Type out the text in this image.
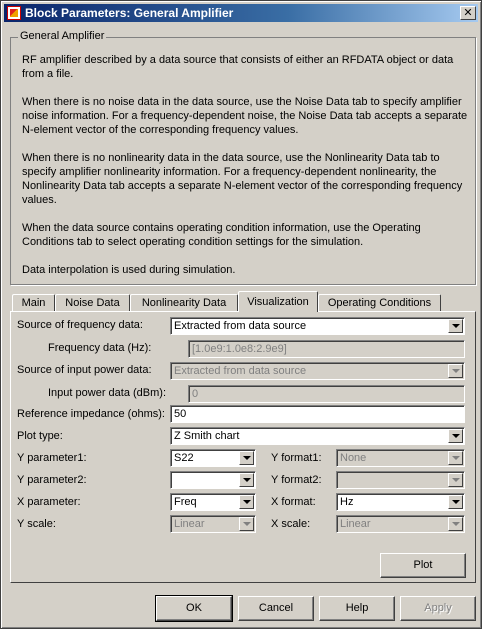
Block Parameters: General Amplifier	✕
General Amplifier

RF amplifier described by a data source that consists of either an RFDATA object or data from a file.

When there is no noise data in the data source, use the Noise Data tab to specify amplifier noise information. For a frequency-dependent noise, the Noise Data tab accepts a separate N-element vector of the corresponding frequency values.

When there is no nonlinearity data in the data source, use the Nonlinearity Data tab to specify amplifier nonlinearity information. For a frequency-dependent nonlinearity, the Nonlinearity Data tab accepts a separate N-element vector of the corresponding frequency values.

When the data source contains operating condition information, use the Operating Conditions tab to select operating condition settings for the simulation.

Data interpolation is used during simulation.

Main	Noise Data	Nonlinearity Data	Visualization	Operating Conditions
Source of frequency data:	Extracted from data source
Frequency data (Hz):	[1.0e9:1.0e8:2.9e9]
Source of input power data:	Extracted from data source
Input power data (dBm):	0
Reference impedance (ohms): 50
Plot type:	Z Smith chart
Y parameter1:	S22	Y format1:	None
Y parameter2:	Y format2:
X parameter:	Freq	X format:	Hz
Y scale:	Linear	X scale:	Linear
Plot
OK	Cancel	Help	Apply
